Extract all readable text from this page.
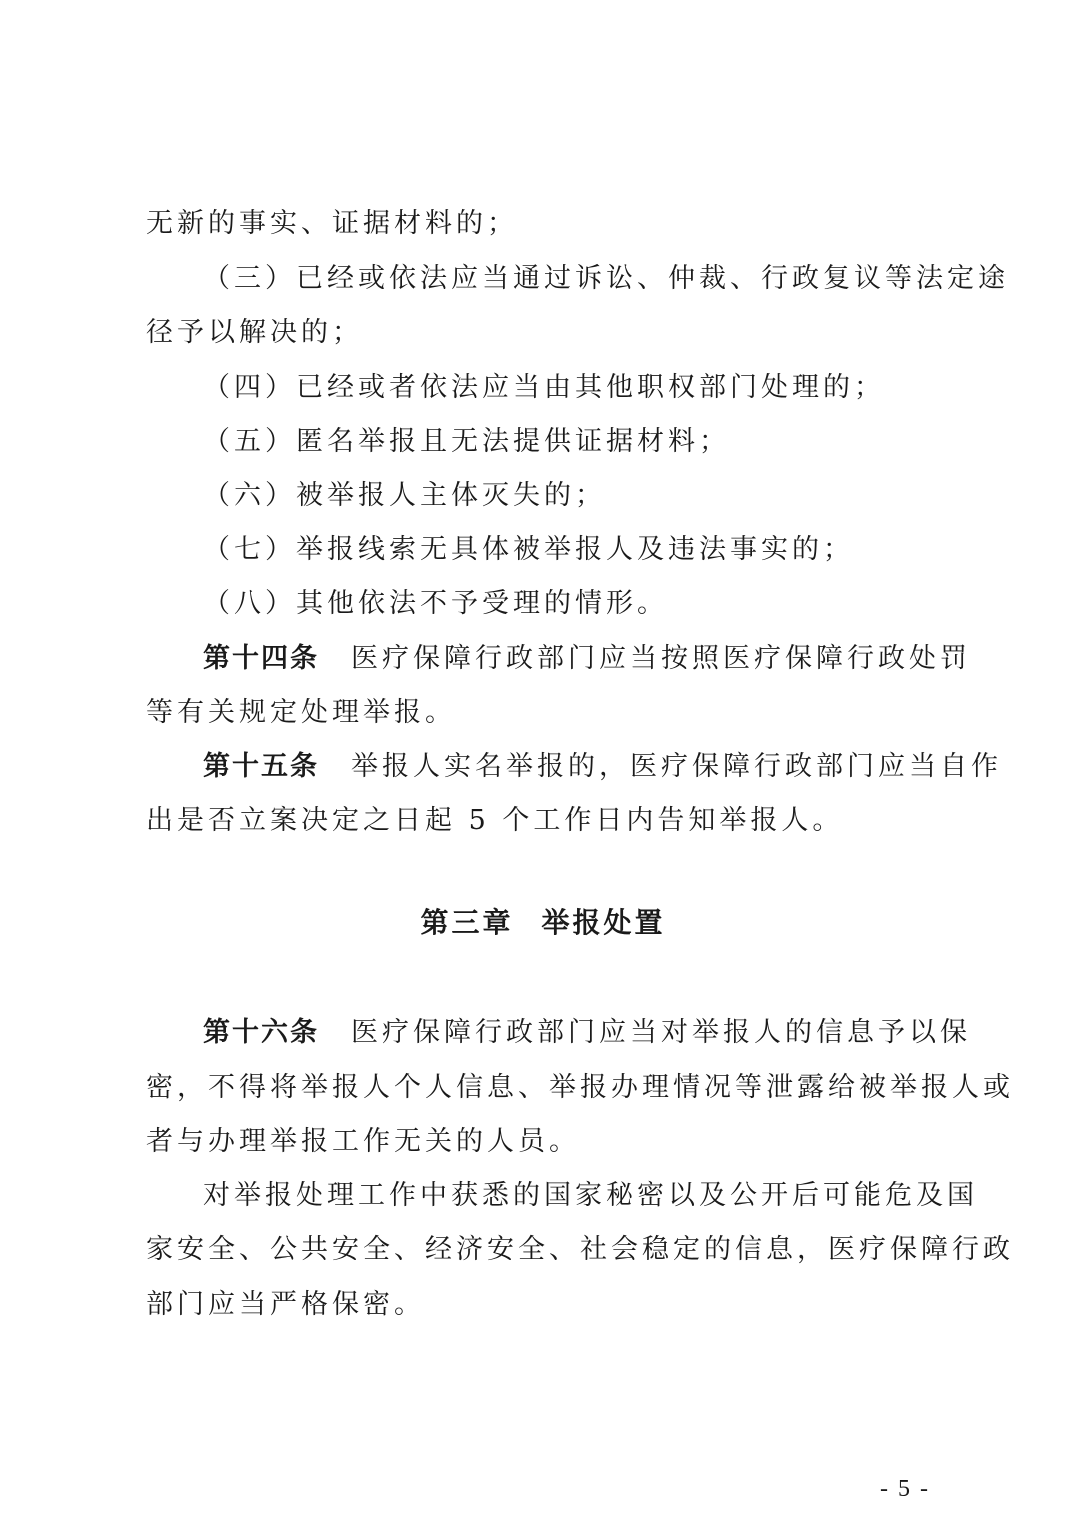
无新的事实、证据材料的；
（三）已经或依法应当通过诉讼、仲裁、行政复议等法定途
径予以解决的；
（四）已经或者依法应当由其他职权部门处理的；
（五）匿名举报且无法提供证据材料；
（六）被举报人主体灭失的；
（七）举报线索无具体被举报人及违法事实的；
（八）其他依法不予受理的情形。
第十四条 医疗保障行政部门应当按照医疗保障行政处罚
等有关规定处理举报。
第十五条 举报人实名举报的，医疗保障行政部门应当自作
出是否立案决定之日起 5 个工作日内告知举报人。
第三章 举报处置
第十六条 医疗保障行政部门应当对举报人的信息予以保
密，不得将举报人个人信息、举报办理情况等泄露给被举报人或
者与办理举报工作无关的人员。
对举报处理工作中获悉的国家秘密以及公开后可能危及国
家安全、公共安全、经济安全、社会稳定的信息，医疗保障行政
部门应当严格保密。
- 5 -
